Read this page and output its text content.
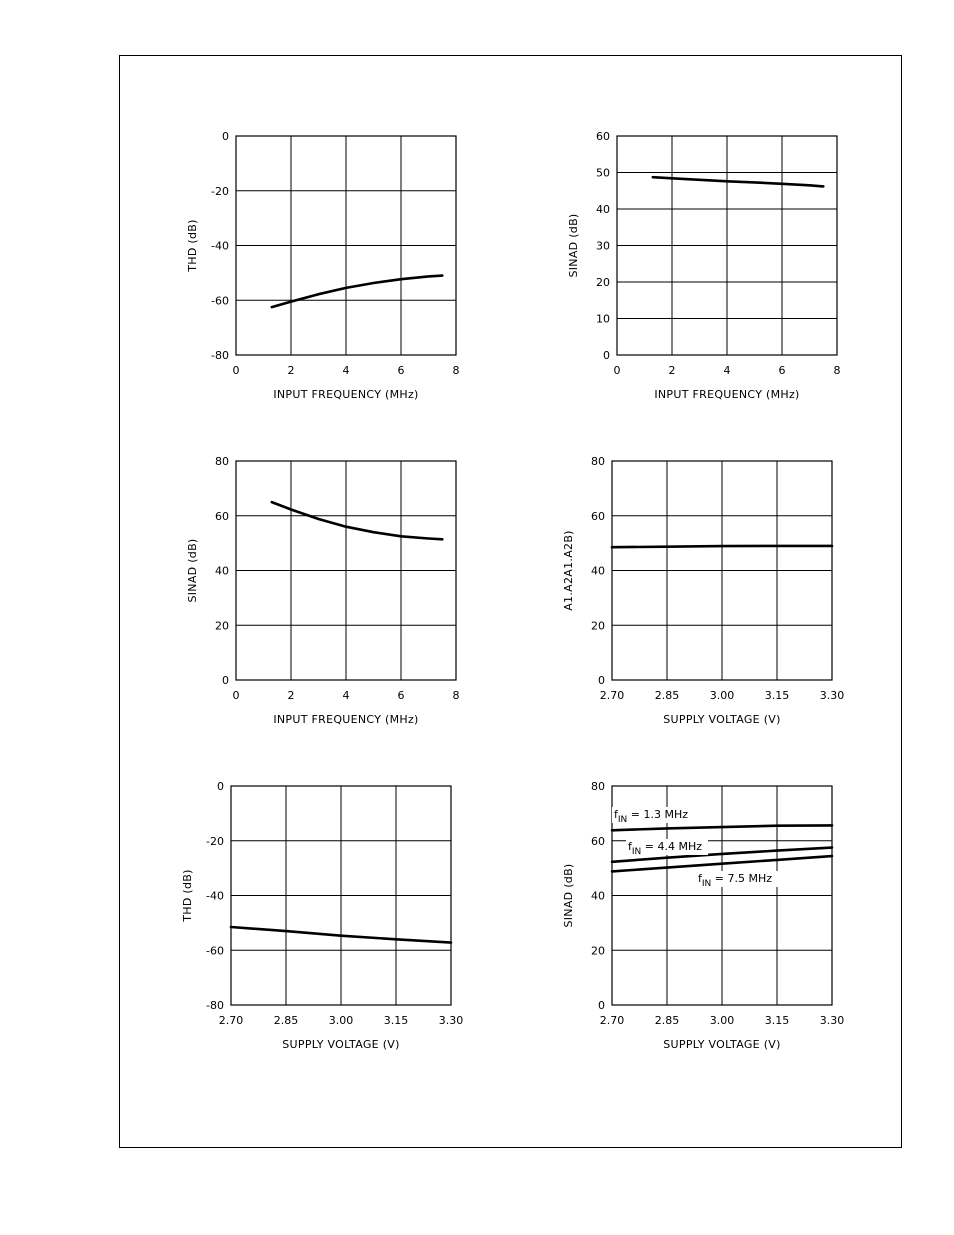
0	2	4	6	8
-80
-60
-40
-20
0
INPUT FREQUENCY (MHz)
THD (dB)
0	2	4	6	8
0
10
20
30
40
50
60
INPUT FREQUENCY (MHz)
SINAD (dB)
0	2	4	6	8
0
20
40
60
80
INPUT FREQUENCY (MHz)
SINAD (dB)
2.70	2.85	3.00	3.15	3.30
0
20
40
60
80
SUPPLY VOLTAGE (V)
A1.A2A1.A2B)
2.70	2.85	3.00	3.15	3.30
-80
-60
-40
-20
0
SUPPLY VOLTAGE (V)
THD (dB)
2.70	2.85	3.00	3.15	3.30
0
20
40
60
80
SUPPLY VOLTAGE (V)
SINAD (dB)
$f_{IN} = 1.3$ MHz
$f_{IN} = 4.4$ MHz
$f_{IN} = 7.5$ MHz
